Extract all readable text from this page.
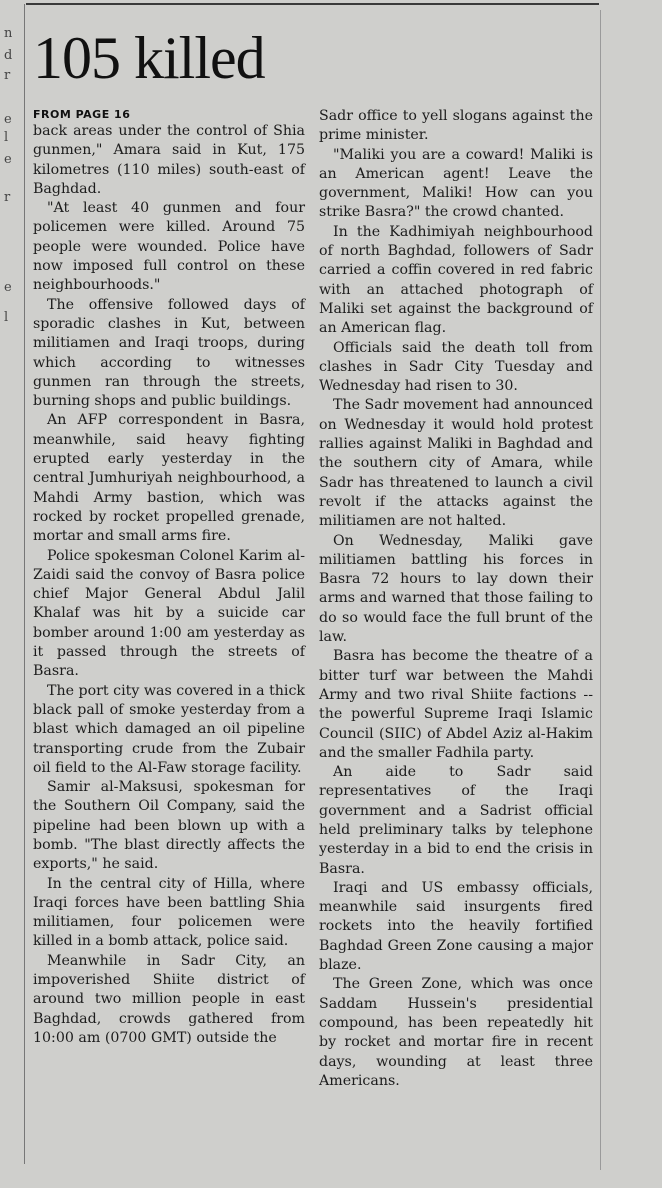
n
d
r
e
l
e
r
e
l
105 killed
FROM PAGE 16

back areas under the control of Shia gunmen," Amara said in Kut, 175 kilometres (110 miles) south-east of Baghdad.

"At least 40 gunmen and four policemen were killed. Around 75 people were wounded. Police have now imposed full control on these neighbourhoods."

The offensive followed days of sporadic clashes in Kut, between militiamen and Iraqi troops, during which according to witnesses gunmen ran through the streets, burning shops and public buildings.

An AFP correspondent in Basra, meanwhile, said heavy fighting erupted early yesterday in the central Jumhuriyah neighbourhood, a Mahdi Army bastion, which was rocked by rocket propelled grenade, mortar and small arms fire.

Police spokesman Colonel Karim al-Zaidi said the convoy of Basra police chief Major General Abdul Jalil Khalaf was hit by a suicide car bomber around 1:00 am yesterday as it passed through the streets of Basra.

The port city was covered in a thick black pall of smoke yesterday from a blast which damaged an oil pipeline transporting crude from the Zubair oil field to the Al-Faw storage facility.

Samir al-Maksusi, spokesman for the Southern Oil Company, said the pipeline had been blown up with a bomb. "The blast directly affects the exports," he said.

In the central city of Hilla, where Iraqi forces have been battling Shia militiamen, four policemen were killed in a bomb attack, police said.

Meanwhile in Sadr City, an impoverished Shiite district of around two million people in east Baghdad, crowds gathered from 10:00 am (0700 GMT) outside the

Sadr office to yell slogans against the prime minister.

"Maliki you are a coward! Maliki is an American agent! Leave the government, Maliki! How can you strike Basra?" the crowd chanted.

In the Kadhimiyah neighbourhood of north Baghdad, followers of Sadr carried a coffin covered in red fabric with an attached photograph of Maliki set against the background of an American flag.

Officials said the death toll from clashes in Sadr City Tuesday and Wednesday had risen to 30.

The Sadr movement had announced on Wednesday it would hold protest rallies against Maliki in Baghdad and the southern city of Amara, while Sadr has threatened to launch a civil revolt if the attacks against the militiamen are not halted.

On Wednesday, Maliki gave militiamen battling his forces in Basra 72 hours to lay down their arms and warned that those failing to do so would face the full brunt of the law.

Basra has become the theatre of a bitter turf war between the Mahdi Army and two rival Shiite factions -- the powerful Supreme Iraqi Islamic Council (SIIC) of Abdel Aziz al-Hakim and the smaller Fadhila party.

An aide to Sadr said representatives of the Iraqi government and a Sadrist official held preliminary talks by telephone yesterday in a bid to end the crisis in Basra.

Iraqi and US embassy officials, meanwhile said insurgents fired rockets into the heavily fortified Baghdad Green Zone causing a major blaze.

The Green Zone, which was once Saddam Hussein's presidential compound, has been repeatedly hit by rocket and mortar fire in recent days, wounding at least three Americans.
